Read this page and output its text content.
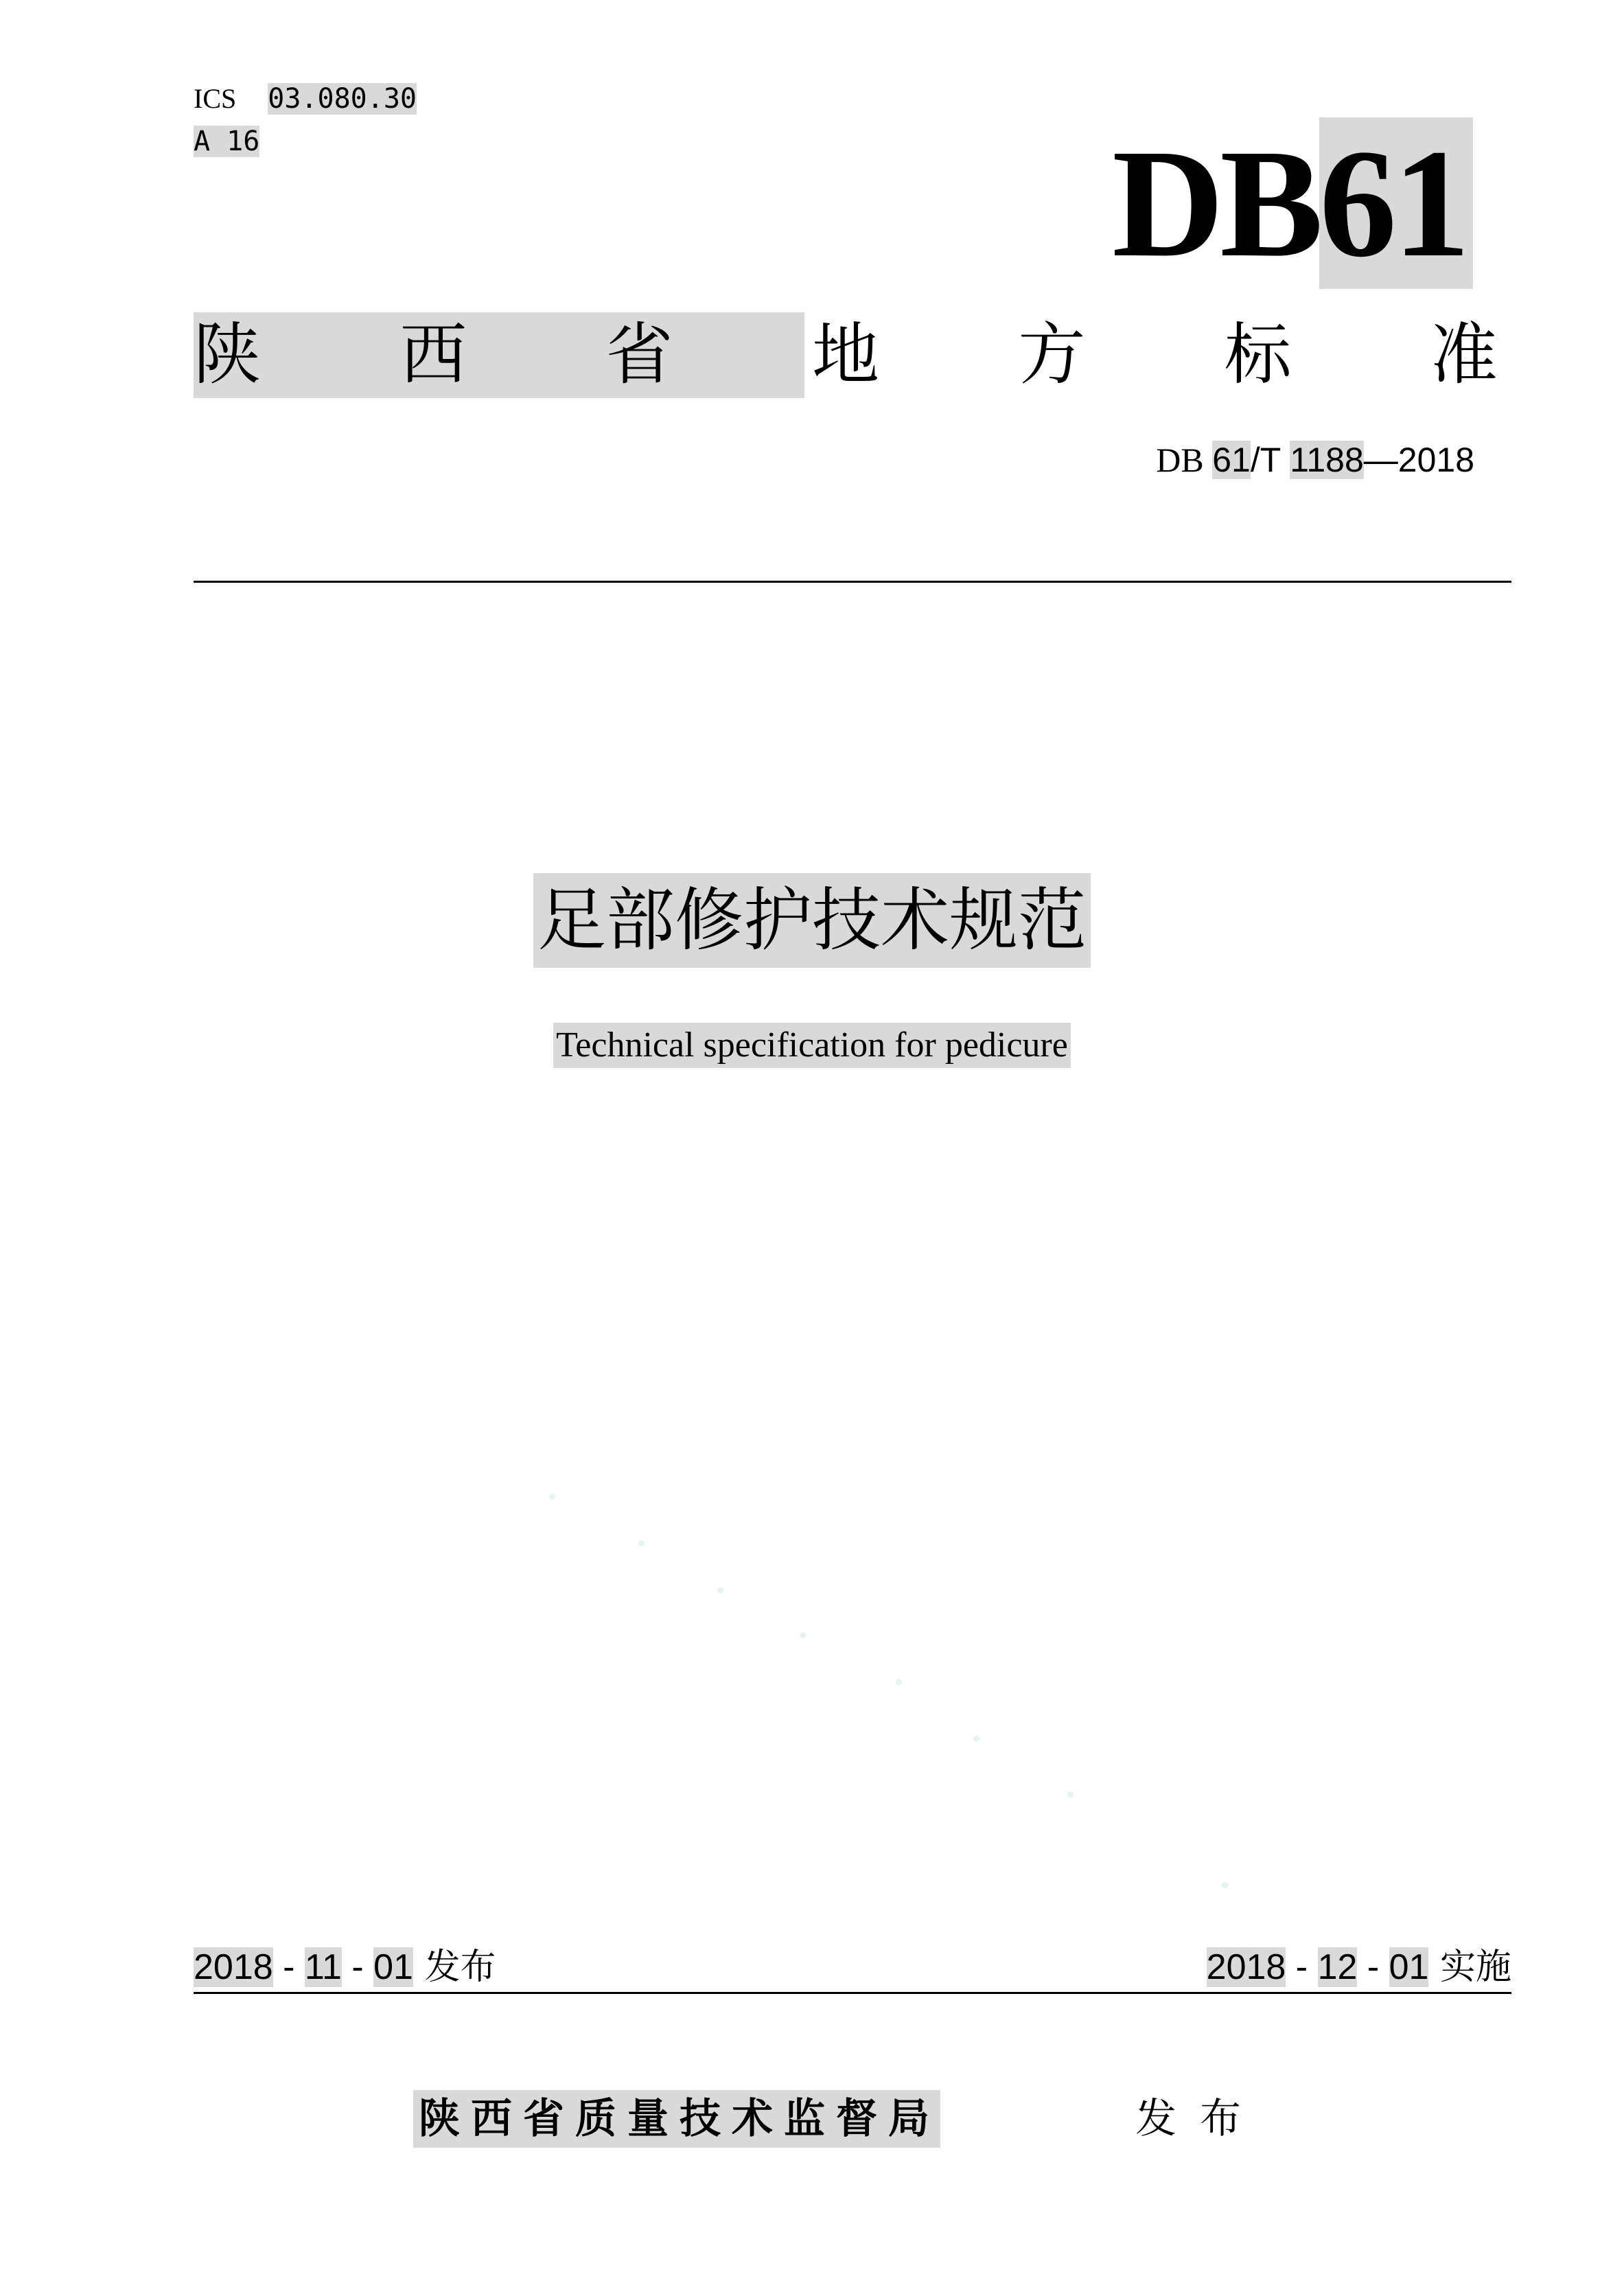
ICS 03.080.30
A 16	DB61
陕 西 省 地 方 标 准
DB 61/T 1188—2018
足部修护技术规范
Technical specification for pedicure
2018 - 11 - 01 发布	2018 - 12 - 01 实施
陕西省质量技术监督局	发布
